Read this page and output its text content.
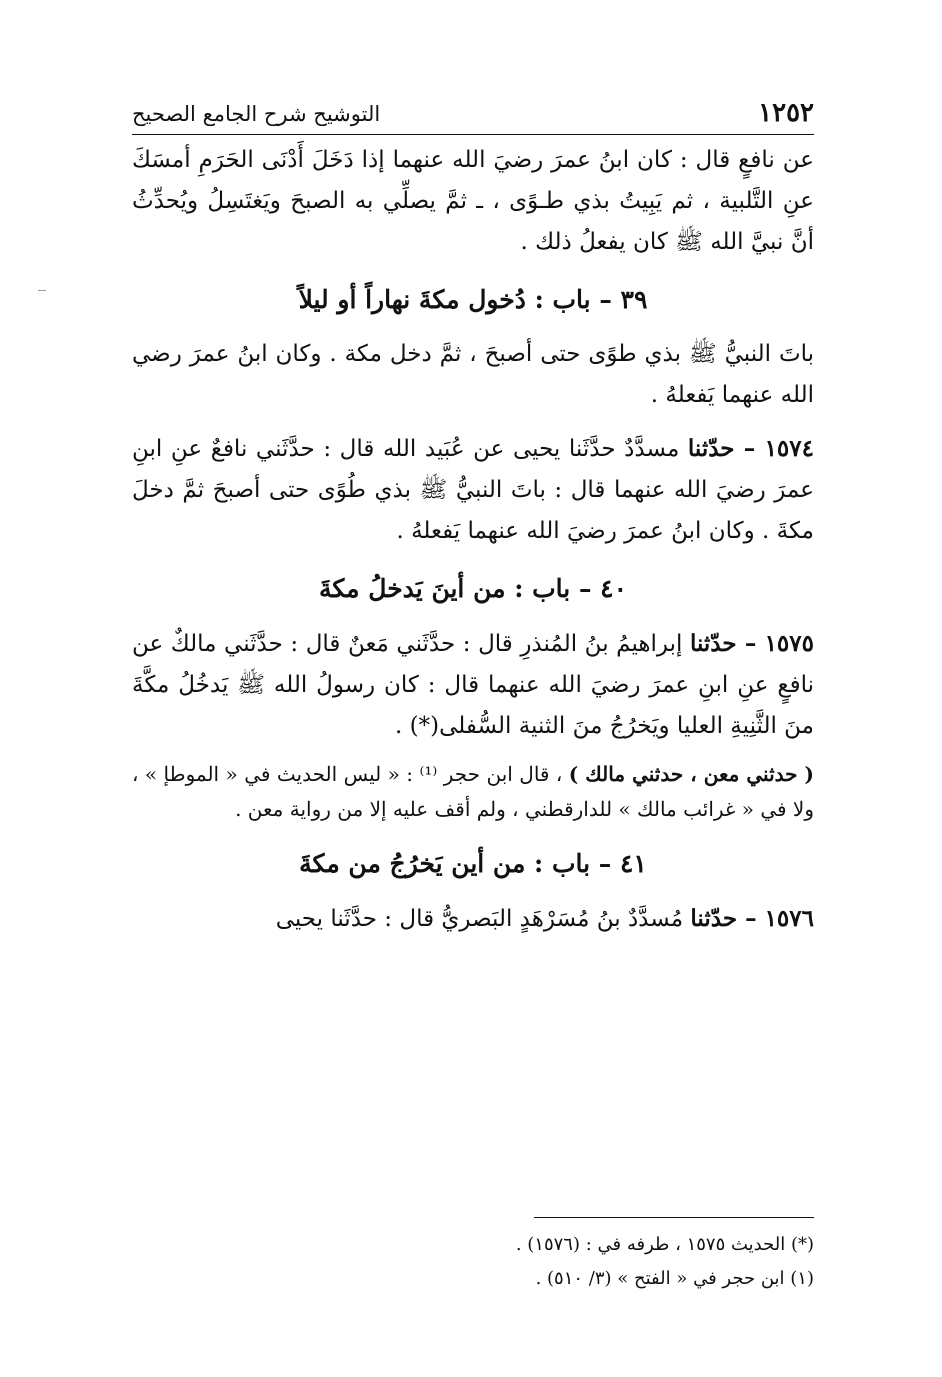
التوشيح شرح الجامع الصحيح	١٢٥٢

عن نافعٍ قال : كان ابنُ عمرَ رضيَ الله عنهما إذا دَخَلَ أَدْنَى الحَرَمِ أمسَكَ عنِ التَّلبية ، ثم يَبِيتُ بذي طـوًى ، ـ ثمَّ يصلِّي به الصبحَ ويَغتَسِلُ ويُحدِّثُ أنَّ نبيَّ الله ﷺ كان يفعلُ ذلك .

٣٩ – باب : دُخول مكةَ نهاراً أو ليلاً

باتَ النبيُّ ﷺ بذي طوًى حتى أصبحَ ، ثمَّ دخل مكة . وكان ابنُ عمرَ رضي الله عنهما يَفعلهُ .

١٥٧٤ – حدّثنا مسدَّدٌ حدَّثَنا يحيى عن عُبَيد الله قال : حدَّثَني نافعٌ عنِ ابنِ عمرَ رضيَ الله عنهما قال : باتَ النبيُّ ﷺ بذي طُوًى حتى أصبحَ ثمَّ دخلَ مكةَ . وكان ابنُ عمرَ رضيَ الله عنهما يَفعلهُ .

٤٠ – باب : من أينَ يَدخلُ مكةَ

١٥٧٥ – حدّثنا إبراهيمُ بنُ المُنذرِ قال : حدَّثَني مَعنٌ قال : حدَّثَني مالكٌ عن نافعٍ عنِ ابنِ عمرَ رضيَ الله عنهما قال : كان رسولُ الله ﷺ يَدخُلُ مكَّةَ منَ الثَّنِيةِ العليا ويَخرُجُ منَ الثنية السُّفلى(*) .

( حدثني معن ، حدثني مالك ) ، قال ابن حجر ⁽¹⁾ : « ليس الحديث في « الموطإ » ، ولا في « غرائب مالك » للدارقطني ، ولم أقف عليه إلا من رواية معن .

٤١ – باب : من أين يَخرُجُ من مكةَ

١٥٧٦ – حدّثنا مُسدَّدٌ بنُ مُسَرْهَدٍ البَصريُّ قال : حدَّثَنا يحيى

(*) الحديث ١٥٧٥ ، طرفه في : (١٥٧٦) .

(١) ابن حجر في « الفتح » (٣/ ٥١٠) .
